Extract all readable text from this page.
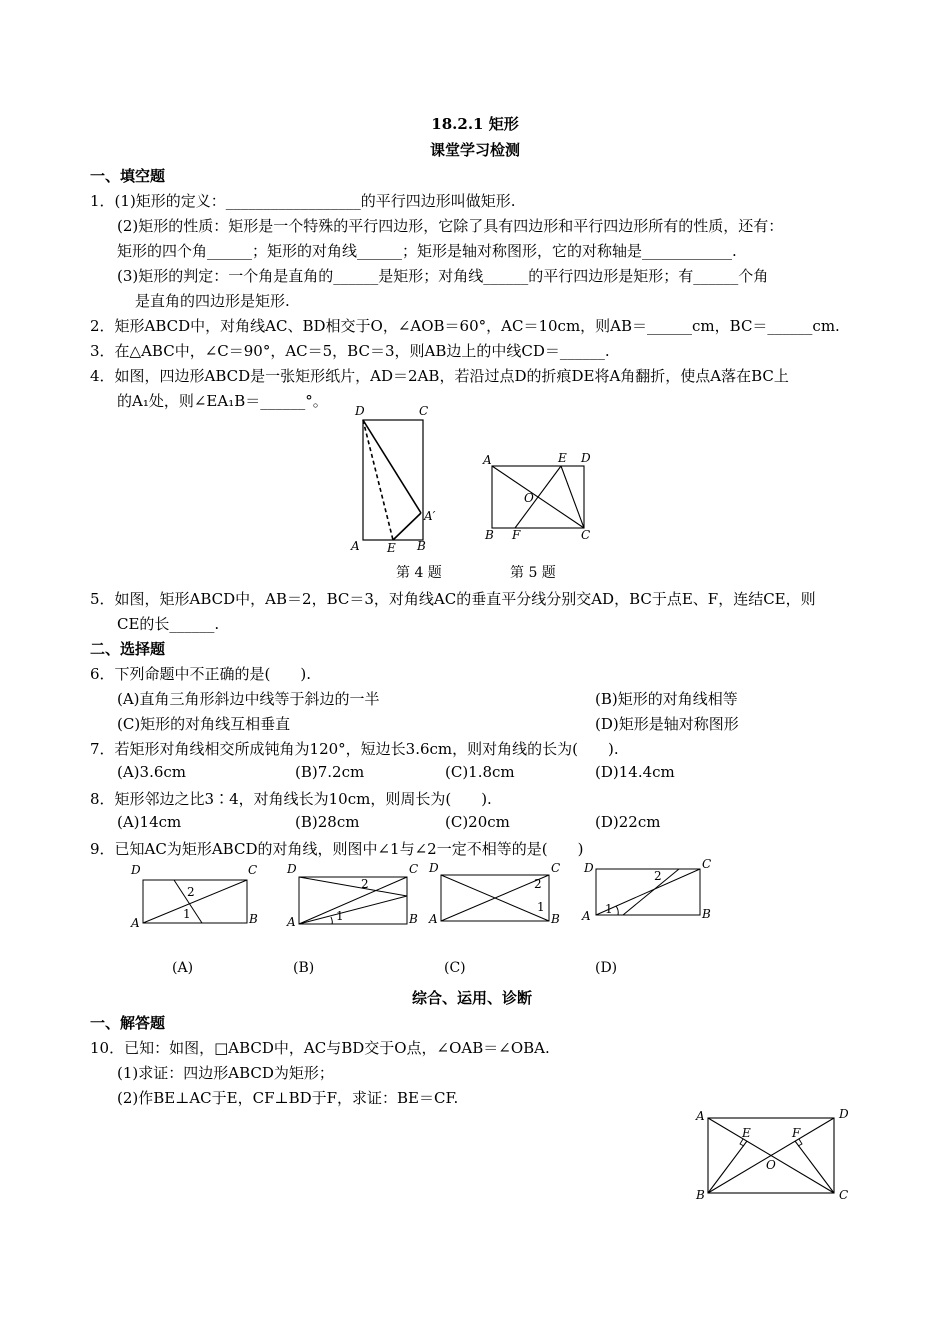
18.2.1 矩形
课堂学习检测
一、填空题
1．(1)矩形的定义：__________________的平行四边形叫做矩形.
(2)矩形的性质：矩形是一个特殊的平行四边形，它除了具有四边形和平行四边形所有的性质，还有：
矩形的四个角______；矩形的对角线______；矩形是轴对称图形，它的对称轴是____________.
(3)矩形的判定：一个角是直角的______是矩形；对角线______的平行四边形是矩形；有______个角
是直角的四边形是矩形.
2．矩形ABCD中，对角线AC、BD相交于O，∠AOB＝60°，AC＝10cm，则AB＝______cm，BC＝______cm.
3．在△ABC中，∠C＝90°，AC＝5，BC＝3，则AB边上的中线CD＝______.
4．如图，四边形ABCD是一张矩形纸片，AD＝2AB，若沿过点D的折痕DE将A角翻折，使点A落在BC上
的A₁处，则∠EA₁B＝______°。
D	C
A E B
A′
A	E D
O
B F	C
第 4 题	第 5 题
5．如图，矩形ABCD中，AB＝2，BC＝3，对角线AC的垂直平分线分别交AD，BC于点E、F，连结CE，则
CE的长______.
二、选择题
6．下列命题中不正确的是(　　).
(A)直角三角形斜边中线等于斜边的一半	(B)矩形的对角线相等
(C)矩形的对角线互相垂直	(D)矩形是轴对称图形
7．若矩形对角线相交所成钝角为120°，短边长3.6cm，则对角线的长为(　　).
(A)3.6cm	(B)7.2cm	(C)1.8cm	(D)14.4cm
8．矩形邻边之比3∶4，对角线长为10cm，则周长为(　　).
(A)14cm	(B)28cm	(C)20cm	(D)22cm
9．已知AC为矩形ABCD的对角线，则图中∠1与∠2一定不相等的是(　　)
D	C
A	B
2
1
(A)
D	C
A	B
2
1
(B)
D	C
A	B
2
1
(C)
D	C
A	B
2
1
(D)
综合、运用、诊断
一、解答题
10．已知：如图，□ABCD中，AC与BD交于O点，∠OAB＝∠OBA.
(1)求证：四边形ABCD为矩形；
(2)作BE⊥AC于E，CF⊥BD于F，求证：BE＝CF.
A	D
E	F
O
B	C
